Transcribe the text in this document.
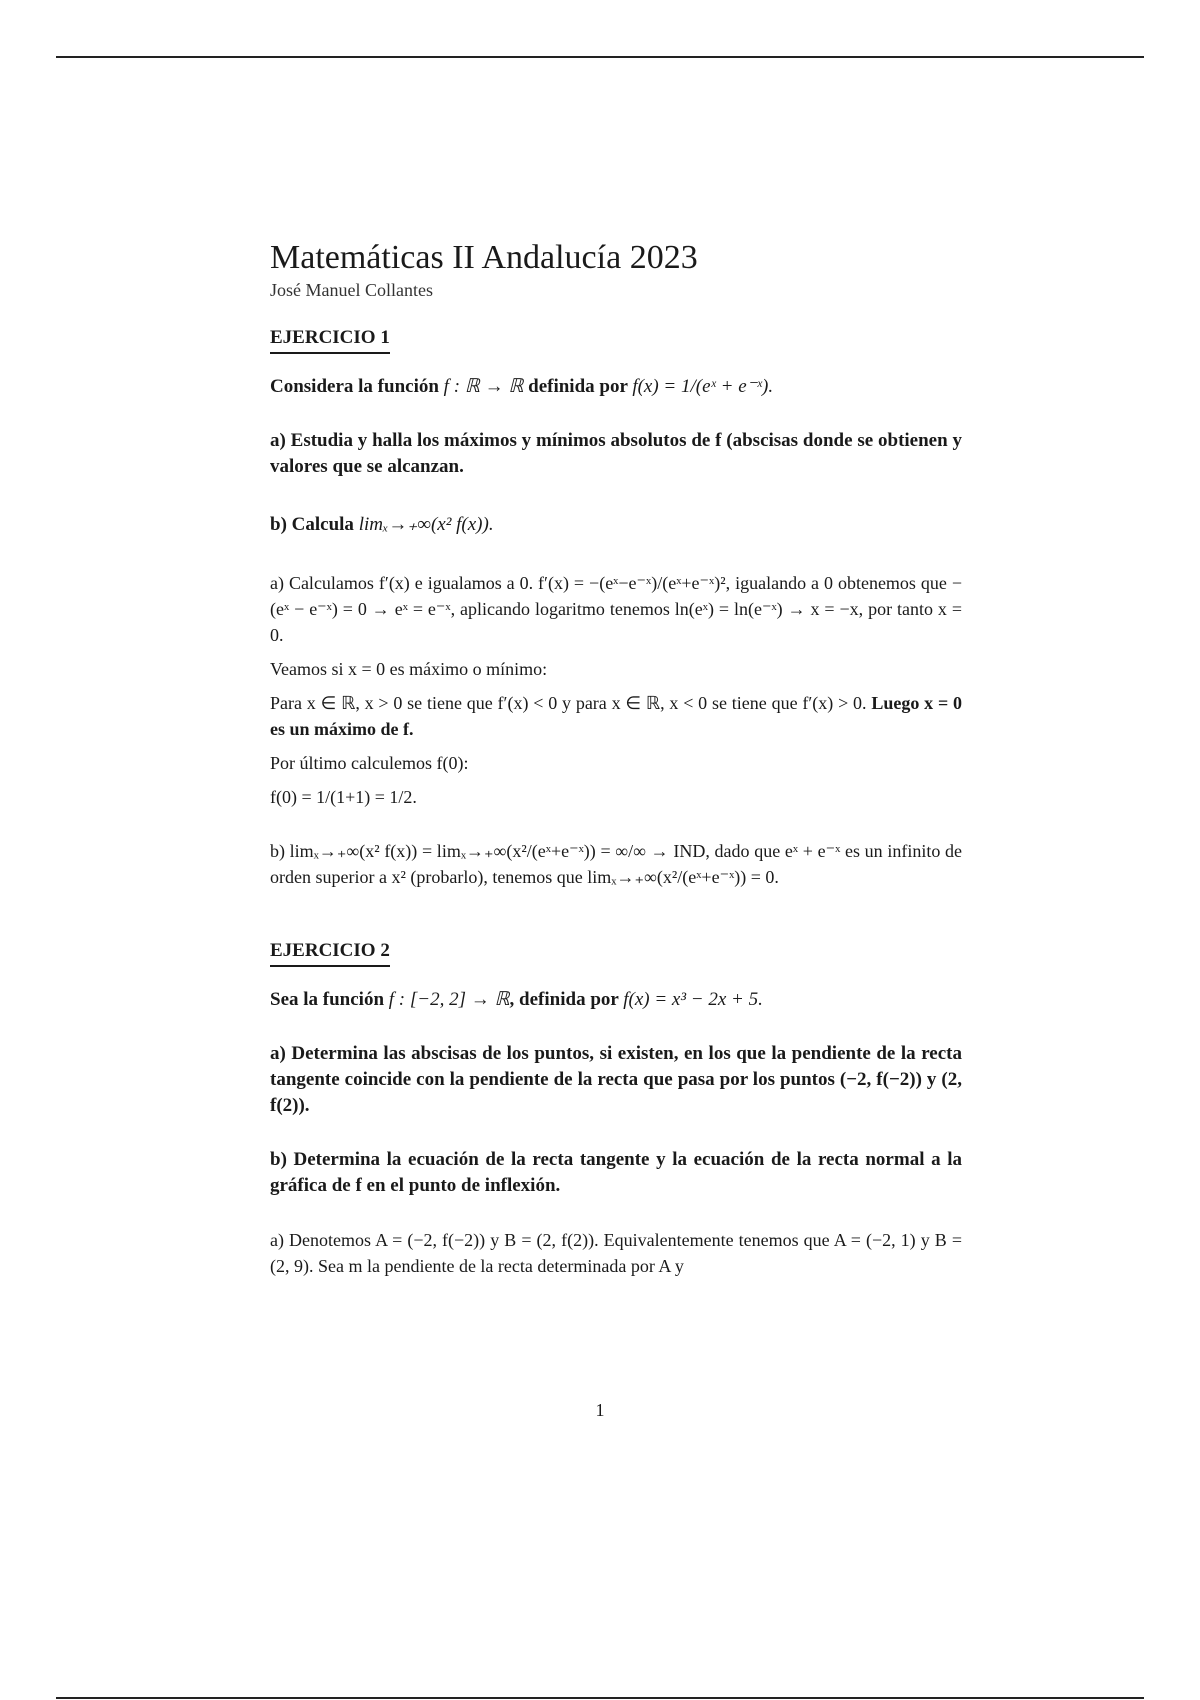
Matemáticas II Andalucía 2023
José Manuel Collantes
EJERCICIO 1
Considera la función f : ℝ → ℝ definida por f(x) = 1/(eˣ + e⁻ˣ).
a) Estudia y halla los máximos y mínimos absolutos de f (abscisas donde se obtienen y valores que se alcanzan.
b) Calcula limₓ→₊∞(x² f(x)).
a) Calculamos f′(x) e igualamos a 0. f′(x) = −(eˣ−e⁻ˣ)/(eˣ+e⁻ˣ)², igualando a 0 obtenemos que −(eˣ − e⁻ˣ) = 0 → eˣ = e⁻ˣ, aplicando logaritmo tenemos ln(eˣ) = ln(e⁻ˣ) → x = −x, por tanto x = 0.
Veamos si x = 0 es máximo o mínimo:
Para x ∈ ℝ, x > 0 se tiene que f′(x) < 0 y para x ∈ ℝ, x < 0 se tiene que f′(x) > 0. Luego x = 0 es un máximo de f.
Por último calculemos f(0):
f(0) = 1/(1+1) = 1/2.
b) limₓ→₊∞(x² f(x)) = limₓ→₊∞(x²/(eˣ+e⁻ˣ)) = ∞/∞ → IND, dado que eˣ + e⁻ˣ es un infinito de orden superior a x² (probarlo), tenemos que limₓ→₊∞(x²/(eˣ+e⁻ˣ)) = 0.
EJERCICIO 2
Sea la función f : [−2, 2] → ℝ, definida por f(x) = x³ − 2x + 5.
a) Determina las abscisas de los puntos, si existen, en los que la pendiente de la recta tangente coincide con la pendiente de la recta que pasa por los puntos (−2, f(−2)) y (2, f(2)).
b) Determina la ecuación de la recta tangente y la ecuación de la recta normal a la gráfica de f en el punto de inflexión.
a) Denotemos A = (−2, f(−2)) y B = (2, f(2)). Equivalentemente tenemos que A = (−2, 1) y B = (2, 9). Sea m la pendiente de la recta determinada por A y
1
